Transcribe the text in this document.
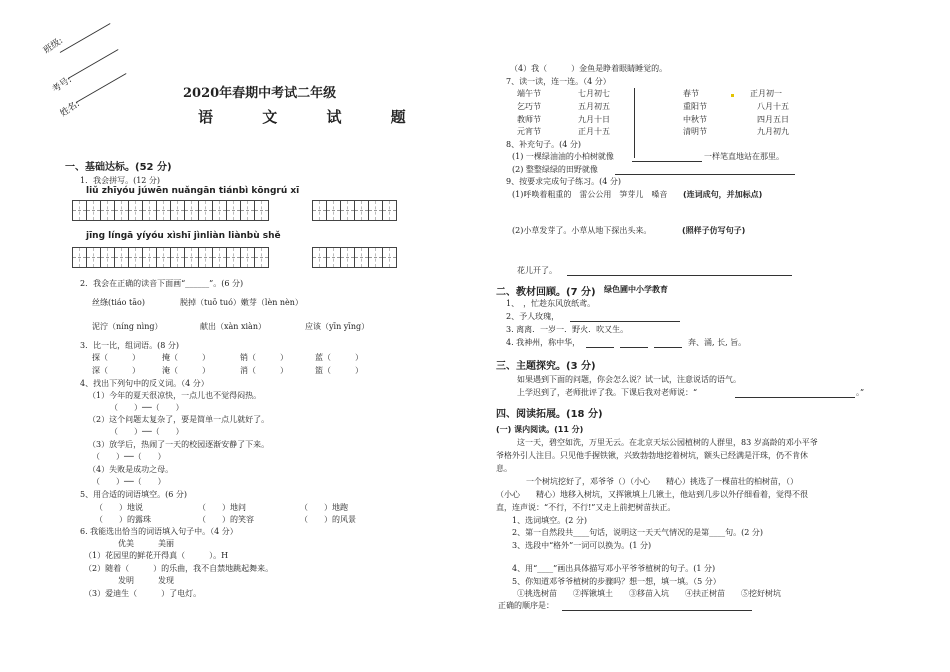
班级:
考号:
姓名:
2020年春期中考试二年级
语 文 试 题
一、基础达标。(52 分)
1．我会拼写。(12 分)
liǔ zhīyóu júwēn nuǎngān tiánbì kōngrú xī
jīng língā yíyóu xìshī jìnliàn liànbù shě
2．我会在正确的读音下面画“______”。(6 分)
丝绦(tiáo tāo)	脱掉（tuō tuó）嫩芽（lèn nèn）
泥泞（níng nìng）	献出（xàn xiàn）	应该（yīn yīng）
3．比一比，组词语。(8 分)
探（　　　）	掩（　　　）	销（　　　）	蓝（　　　）
深（　　　）	淹（　　　）	消（　　　）	篮（　　　）
4、找出下列句中的反义词。（4 分）
（1）今年的夏天很凉快，一点儿也不觉得闷热。
（　　）──（　　）
（2）这个问题太复杂了，要是简单一点儿就好了。
（　　）──（　　）
（3）放学后，热闹了一天的校园逐渐安静了下来。
（　　）──（　　）
（4）失败是成功之母。
（　　）──（　　）
5、用合适的词语填空。(6 分)
（　　）地说	（　　）地问	（　　）地跑
（　　）的露珠	（　　）的笑容	（　　）的风景
6. 我能选出恰当的词语填入句子中。（4 分）
优美　　　美丽
（1）花园里的鲜花开得真（　　　）。H
（2）随着（　　　）的乐曲，我不自禁地跳起舞来。
发明　　　发现
（3）爱迪生（　　　）了电灯。
（4）我（　　　）金鱼是睁着眼睛睡觉的。
7、读一读，连一连。（4 分）
端午节	七月初七
乞巧节	五月初五
教师节	九月十日
元宵节	正月十五
春节	正月初一
重阳节	八月十五
中秋节	四月五日
清明节	九月初九
8、补充句子。(4 分)
(1) 一棵绿油油的小柏树就像	一样笔直地站在那里。
(2) 整整绿绿的田野就像
9、按要求完成句子练习。(4 分)
(1)呼唤着粗重的　雷公公用　笋芽儿　嗓音 (连词成句，并加标点)
(2)小草发芽了。小草从地下探出头来。	(照样子仿写句子)
花儿开了。
二、教材回顾。(7 分) 绿色圃中小学教育
1、　，忙趁东风放纸鸢。
2、予人玫瑰，
3. 离离．一岁一．野火．吹又生。
4. 我神州，称中华，	奔、涌, 长, 旨。
三、主题探究。(3 分)
如果遇到下面的问题，你会怎么说？试一试，注意说话的语气。
上学迟到了，老师批评了我。下课后我对老师说：“	。”
四、阅读拓展。(18 分)
(一) 课内阅读。(11 分)
这一天，碧空如洗，万里无云。在北京天坛公园植树的人群里，83 岁高龄的邓小平爷
爷格外引人注目。只见他手握铁锹，兴致勃勃地挖着树坑，额头已经满是汗珠，仍不肯休
息。
一个树坑挖好了，邓爷爷（）（小心　　精心）挑选了一棵苗壮的柏树苗，（）
（小心　　精心）地移入树坑，又挥锹填上几锹土，他站到几步以外仔细看着，觉得不很
直，连声说：“不行，不行!”又走上前把树苗扶正。
1、选词填空。(2 分)
2、第一自然段共____句话，说明这一天天气情况的是第____句。(2 分)
3、选段中“格外”一词可以换为。(1 分)
4、用“____”画出具体描写邓小平爷爷植树的句子。(1 分)
5、你知道邓爷爷植树的步骤吗？想一想，填一填。（5 分）
①挑选树苗　　②挥锹填土　　③移苗入坑　　④扶正树苗　　⑤挖好树坑
正确的顺序是：
